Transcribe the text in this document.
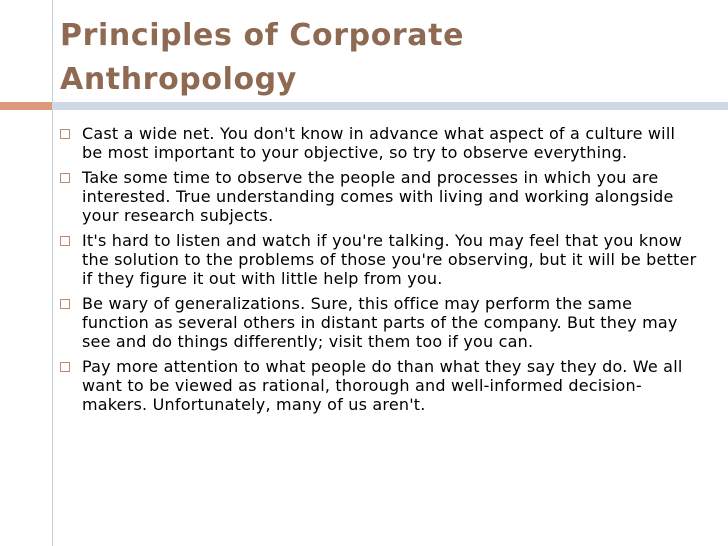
Principles of Corporate Anthropology
Cast a wide net. You don't know in advance what aspect of a culture will be most important to your objective, so try to observe everything.
Take some time to observe the people and processes in which you are interested. True understanding comes with living and working alongside your research subjects.
It's hard to listen and watch if you're talking. You may feel that you know the solution to the problems of those you're observing, but it will be better if they figure it out with little help from you.
Be wary of generalizations. Sure, this office may perform the same function as several others in distant parts of the company. But they may see and do things differently; visit them too if you can.
Pay more attention to what people do than what they say they do. We all want to be viewed as rational, thorough and well-informed decision-makers. Unfortunately, many of us aren't.
